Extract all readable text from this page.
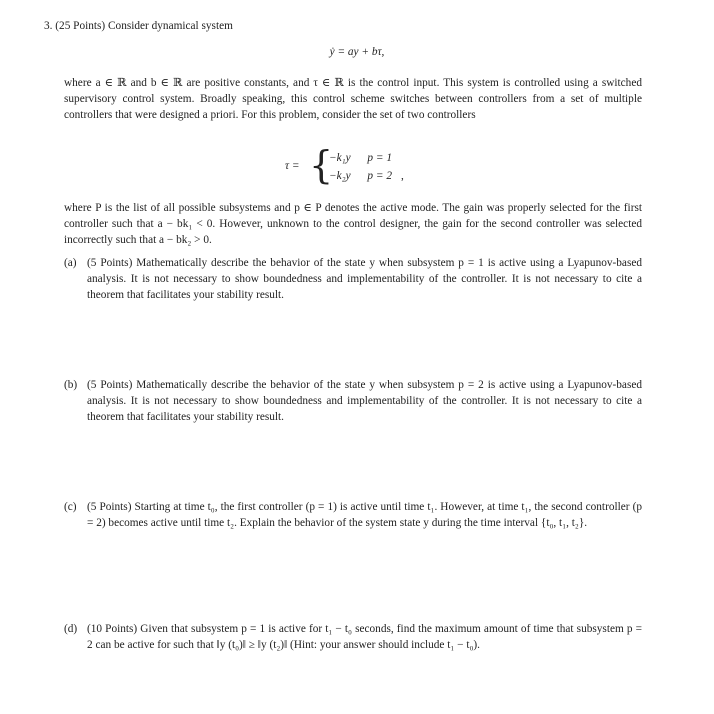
3. (25 Points) Consider dynamical system
ẏ = ay + bτ,
where a ∈ ℝ and b ∈ ℝ are positive constants, and τ ∈ ℝ is the control input. This system is controlled using a switched supervisory control system. Broadly speaking, this control scheme switches between controllers from a set of multiple controllers that were designed a priori. For this problem, consider the set of two controllers
τ = {
−k₁y p = 1
−k₂y p = 2 ,
where P is the list of all possible subsystems and p ∈ P denotes the active mode. The gain was properly selected for the first controller such that a − bk₁ < 0. However, unknown to the control designer, the gain for the second controller was selected incorrectly such that a − bk₂ > 0.
(a) (5 Points) Mathematically describe the behavior of the state y when subsystem p = 1 is active using a Lyapunov-based analysis. It is not necessary to show boundedness and implementability of the controller. It is not necessary to cite a theorem that facilitates your stability result.
(b) (5 Points) Mathematically describe the behavior of the state y when subsystem p = 2 is active using a Lyapunov-based analysis. It is not necessary to show boundedness and implementability of the controller. It is not necessary to cite a theorem that facilitates your stability result.
(c) (5 Points) Starting at time t₀, the first controller (p = 1) is active until time t₁. However, at time t₁, the second controller (p = 2) becomes active until time t₂. Explain the behavior of the system state y during the time interval {t₀, t₁, t₂}.
(d) (10 Points) Given that subsystem p = 1 is active for t₁ − t₀ seconds, find the maximum amount of time that subsystem p = 2 can be active for such that ‖y (t₀)‖ ≥ ‖y (t₂)‖ (Hint: your answer should include t₁ − t₀).
